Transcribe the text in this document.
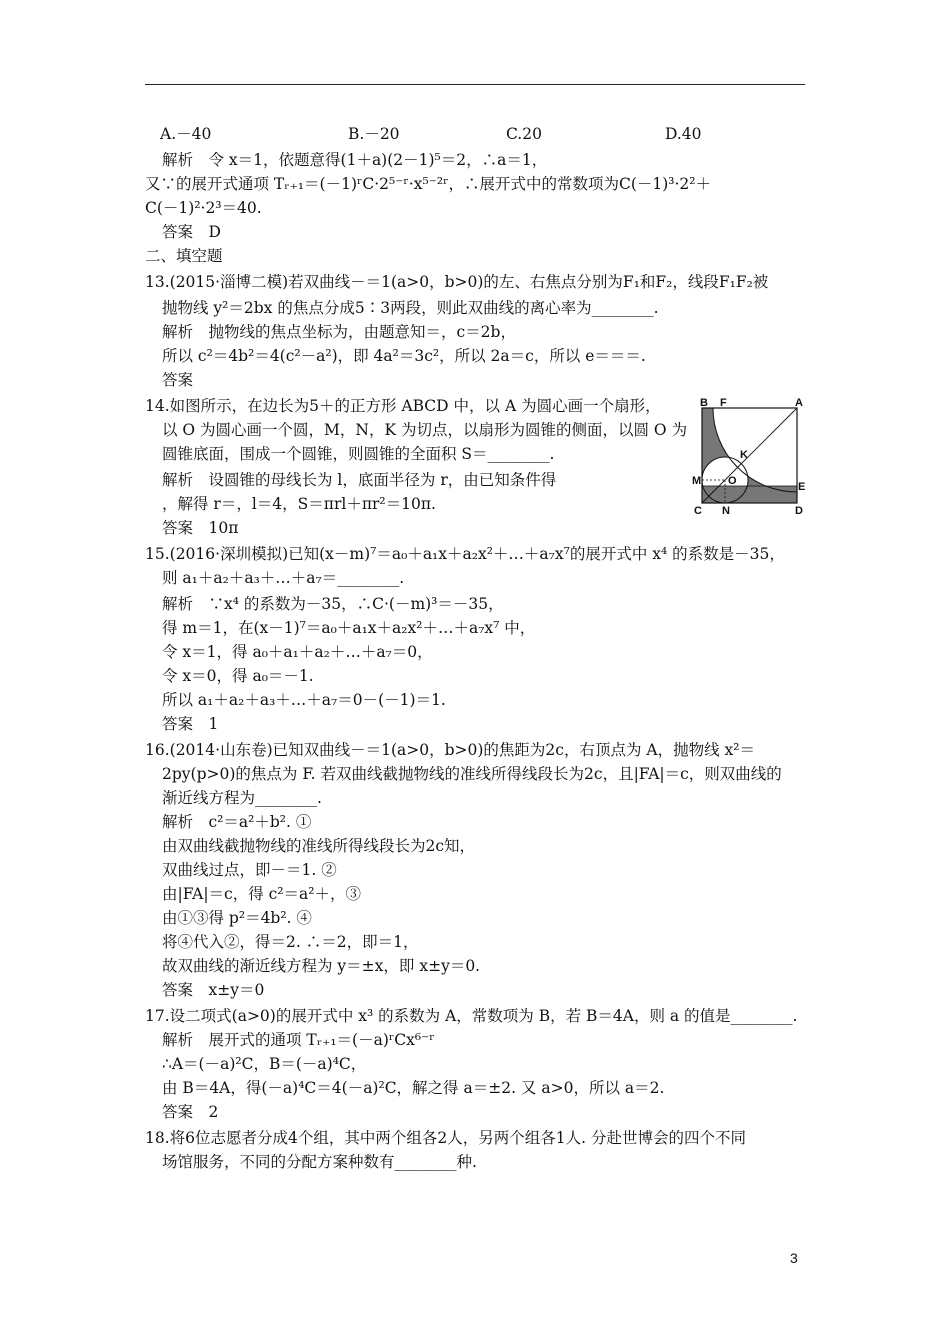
A.－40	B.－20	C.20	D.40
解析　令 x＝1，依题意得(1＋a)(2－1)⁵＝2，∴a＝1，
又∵的展开式通项 Tᵣ₊₁＝(－1)ʳC·2⁵⁻ʳ·x⁵⁻²ʳ，∴展开式中的常数项为C(－1)³·2²＋
C(－1)²·2³＝40.
答案　D
二、填空题
13.(2015·淄博二模)若双曲线－＝1(a>0，b>0)的左、右焦点分别为F₁和F₂，线段F₁F₂被
抛物线 y²＝2bx 的焦点分成5∶3两段，则此双曲线的离心率为________.
解析　抛物线的焦点坐标为，由题意知＝，c＝2b，
所以 c²＝4b²＝4(c²－a²)，即 4a²＝3c²，所以 2a＝c，所以 e＝＝＝.
答案
14.如图所示，在边长为5＋的正方形 ABCD 中，以 A 为圆心画一个扇形，
以 O 为圆心画一个圆，M，N，K 为切点，以扇形为圆锥的侧面，以圆 O 为
圆锥底面，围成一个圆锥，则圆锥的全面积 S＝________.
解析　设圆锥的母线长为 l，底面半径为 r，由已知条件得
，解得 r＝，l＝4，S＝πrl＋πr²＝10π.
答案　10π
15.(2016·深圳模拟)已知(x－m)⁷＝a₀＋a₁x＋a₂x²＋…＋a₇x⁷的展开式中 x⁴ 的系数是－35，
则 a₁＋a₂＋a₃＋…＋a₇＝________.
解析　∵x⁴ 的系数为－35，∴C·(－m)³＝－35，
得 m＝1，在(x－1)⁷＝a₀＋a₁x＋a₂x²＋…＋a₇x⁷ 中，
令 x＝1，得 a₀＋a₁＋a₂＋…＋a₇＝0，
令 x＝0，得 a₀＝－1.
所以 a₁＋a₂＋a₃＋…＋a₇＝0－(－1)＝1.
答案　1
16.(2014·山东卷)已知双曲线－＝1(a>0，b>0)的焦距为2c，右顶点为 A，抛物线 x²＝
2py(p>0)的焦点为 F. 若双曲线截抛物线的准线所得线段长为2c，且|FA|＝c，则双曲线的
渐近线方程为________.
解析　c²＝a²＋b². ①
由双曲线截抛物线的准线所得线段长为2c知，
双曲线过点，即－＝1. ②
由|FA|＝c，得 c²＝a²＋，③
由①③得 p²＝4b². ④
将④代入②，得＝2. ∴＝2，即＝1，
故双曲线的渐近线方程为 y＝±x，即 x±y＝0.
答案　x±y＝0
17.设二项式(a>0)的展开式中 x³ 的系数为 A，常数项为 B，若 B＝4A，则 a 的值是________.
解析　展开式的通项 Tᵣ₊₁＝(－a)ʳCx⁶⁻ʳ
∴A＝(－a)²C，B＝(－a)⁴C，
由 B＝4A，得(－a)⁴C＝4(－a)²C，解之得 a＝±2. 又 a>0，所以 a＝2.
答案　2
18.将6位志愿者分成4个组，其中两个组各2人，另两个组各1人. 分赴世博会的四个不同
场馆服务，不同的分配方案种数有________种.
B F	A
K
M O	E
C N	D
3
